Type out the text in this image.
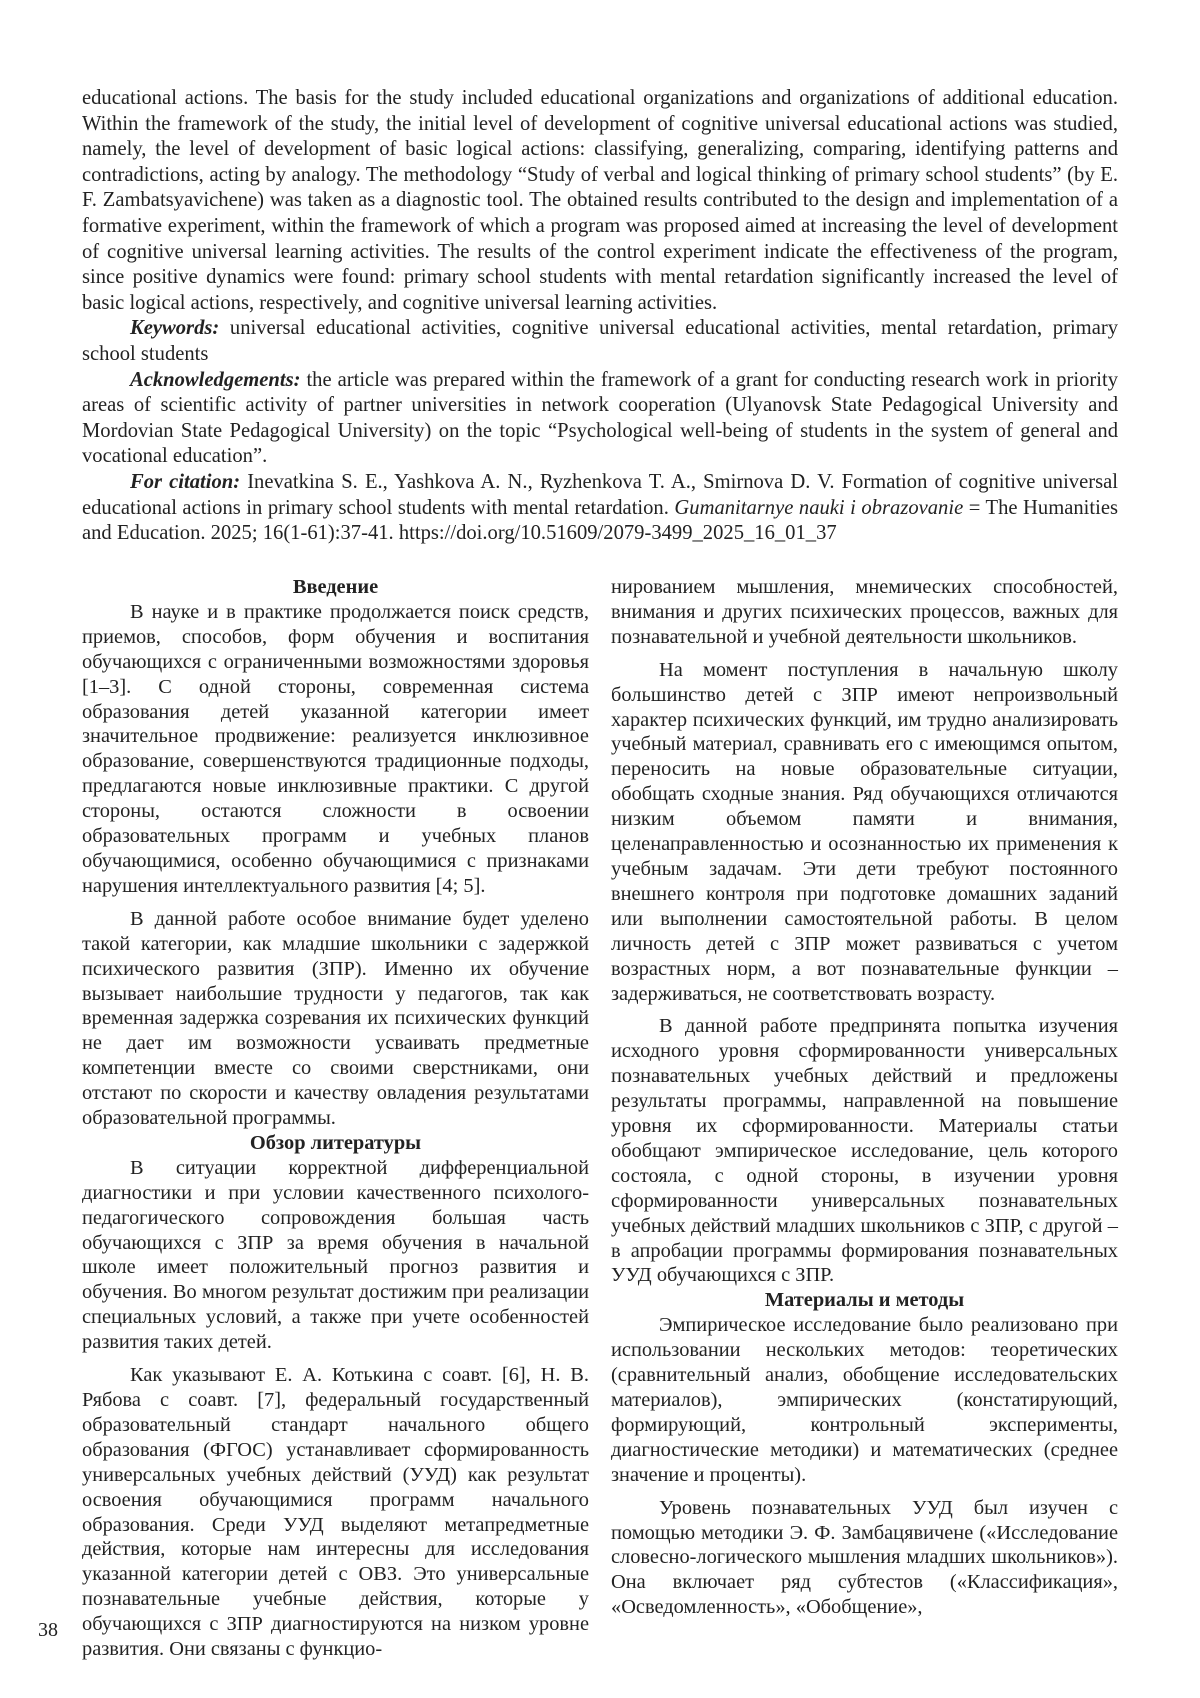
educational actions. The basis for the study included educational organizations and organizations of additional education. Within the framework of the study, the initial level of development of cognitive universal educational actions was studied, namely, the level of development of basic logical actions: classifying, generalizing, comparing, identifying patterns and contradictions, acting by analogy. The methodology “Study of verbal and logical thinking of primary school students” (by E. F. Zambatsyavichene) was taken as a diagnostic tool. The obtained results contributed to the design and implementation of a formative experiment, within the framework of which a program was proposed aimed at increasing the level of development of cognitive universal learning activities. The results of the control experiment indicate the effectiveness of the program, since positive dynamics were found: primary school students with mental retardation significantly increased the level of basic logical actions, respectively, and cognitive universal learning activities.

Keywords: universal educational activities, cognitive universal educational activities, mental retardation, primary school students

Acknowledgements: the article was prepared within the framework of a grant for conducting research work in priority areas of scientific activity of partner universities in network cooperation (Ulyanovsk State Pedagogical University and Mordovian State Pedagogical University) on the topic “Psychological well-being of students in the system of general and vocational education”.

For citation: Inevatkina S. E., Yashkova A. N., Ryzhenkova T. A., Smirnova D. V. Formation of cognitive universal educational actions in primary school students with mental retardation. Gumanitarnye nauki i obrazovanie = The Humanities and Education. 2025; 16(1-61):37-41. https://doi.org/10.51609/2079-3499_2025_16_01_37

Введение

В науке и в практике продолжается поиск средств, приемов, способов, форм обучения и воспитания обучающихся с ограниченными возможностями здоровья [1–3]. С одной стороны, современная система образования детей указанной категории имеет значительное продвижение: реализуется инклюзивное образование, совершенствуются традиционные подходы, предлагаются новые инклюзивные практики. С другой стороны, остаются сложности в освоении образовательных программ и учебных планов обучающимися, особенно обучающимися с признаками нарушения интеллектуального развития [4; 5].

В данной работе особое внимание будет уделено такой категории, как младшие школьники с задержкой психического развития (ЗПР). Именно их обучение вызывает наибольшие трудности у педагогов, так как временная задержка созревания их психических функций не дает им возможности усваивать предметные компетенции вместе со своими сверстниками, они отстают по скорости и качеству овладения результатами образовательной программы.

Обзор литературы

В ситуации корректной дифференциальной диагностики и при условии качественного психолого-педагогического сопровождения большая часть обучающихся с ЗПР за время обучения в начальной школе имеет положительный прогноз развития и обучения. Во многом результат достижим при реализации специальных условий, а также при учете особенностей развития таких детей.

Как указывают Е. А. Котькина с соавт. [6], Н. В. Рябова с соавт. [7], федеральный государственный образовательный стандарт начального общего образования (ФГОС) устанавливает сформированность универсальных учебных действий (УУД) как результат освоения обучающимися программ начального образования. Среди УУД выделяют метапредметные действия, которые нам интересны для исследования указанной категории детей с ОВЗ. Это универсальные познавательные учебные действия, которые у обучающихся с ЗПР диагностируются на низком уровне развития. Они связаны с функцио-

нированием мышления, мнемических способностей, внимания и других психических процессов, важных для познавательной и учебной деятельности школьников.

На момент поступления в начальную школу большинство детей с ЗПР имеют непроизвольный характер психических функций, им трудно анализировать учебный материал, сравнивать его с имеющимся опытом, переносить на новые образовательные ситуации, обобщать сходные знания. Ряд обучающихся отличаются низким объемом памяти и внимания, целенаправленностью и осознанностью их применения к учебным задачам. Эти дети требуют постоянного внешнего контроля при подготовке домашних заданий или выполнении самостоятельной работы. В целом личность детей с ЗПР может развиваться с учетом возрастных норм, а вот познавательные функции – задерживаться, не соответствовать возрасту.

В данной работе предпринята попытка изучения исходного уровня сформированности универсальных познавательных учебных действий и предложены результаты программы, направленной на повышение уровня их сформированности. Материалы статьи обобщают эмпирическое исследование, цель которого состояла, с одной стороны, в изучении уровня сформированности универсальных познавательных учебных действий младших школьников с ЗПР, с другой – в апробации программы формирования познавательных УУД обучающихся с ЗПР.

Материалы и методы

Эмпирическое исследование было реализовано при использовании нескольких методов: теоретических (сравнительный анализ, обобщение исследовательских материалов), эмпирических (констатирующий, формирующий, контрольный эксперименты, диагностические методики) и математических (среднее значение и проценты).

Уровень познавательных УУД был изучен с помощью методики Э. Ф. Замбацявичене («Исследование словесно-логического мышления младших школьников»). Она включает ряд субтестов («Классификация», «Осведомленность», «Обобщение»,

38
